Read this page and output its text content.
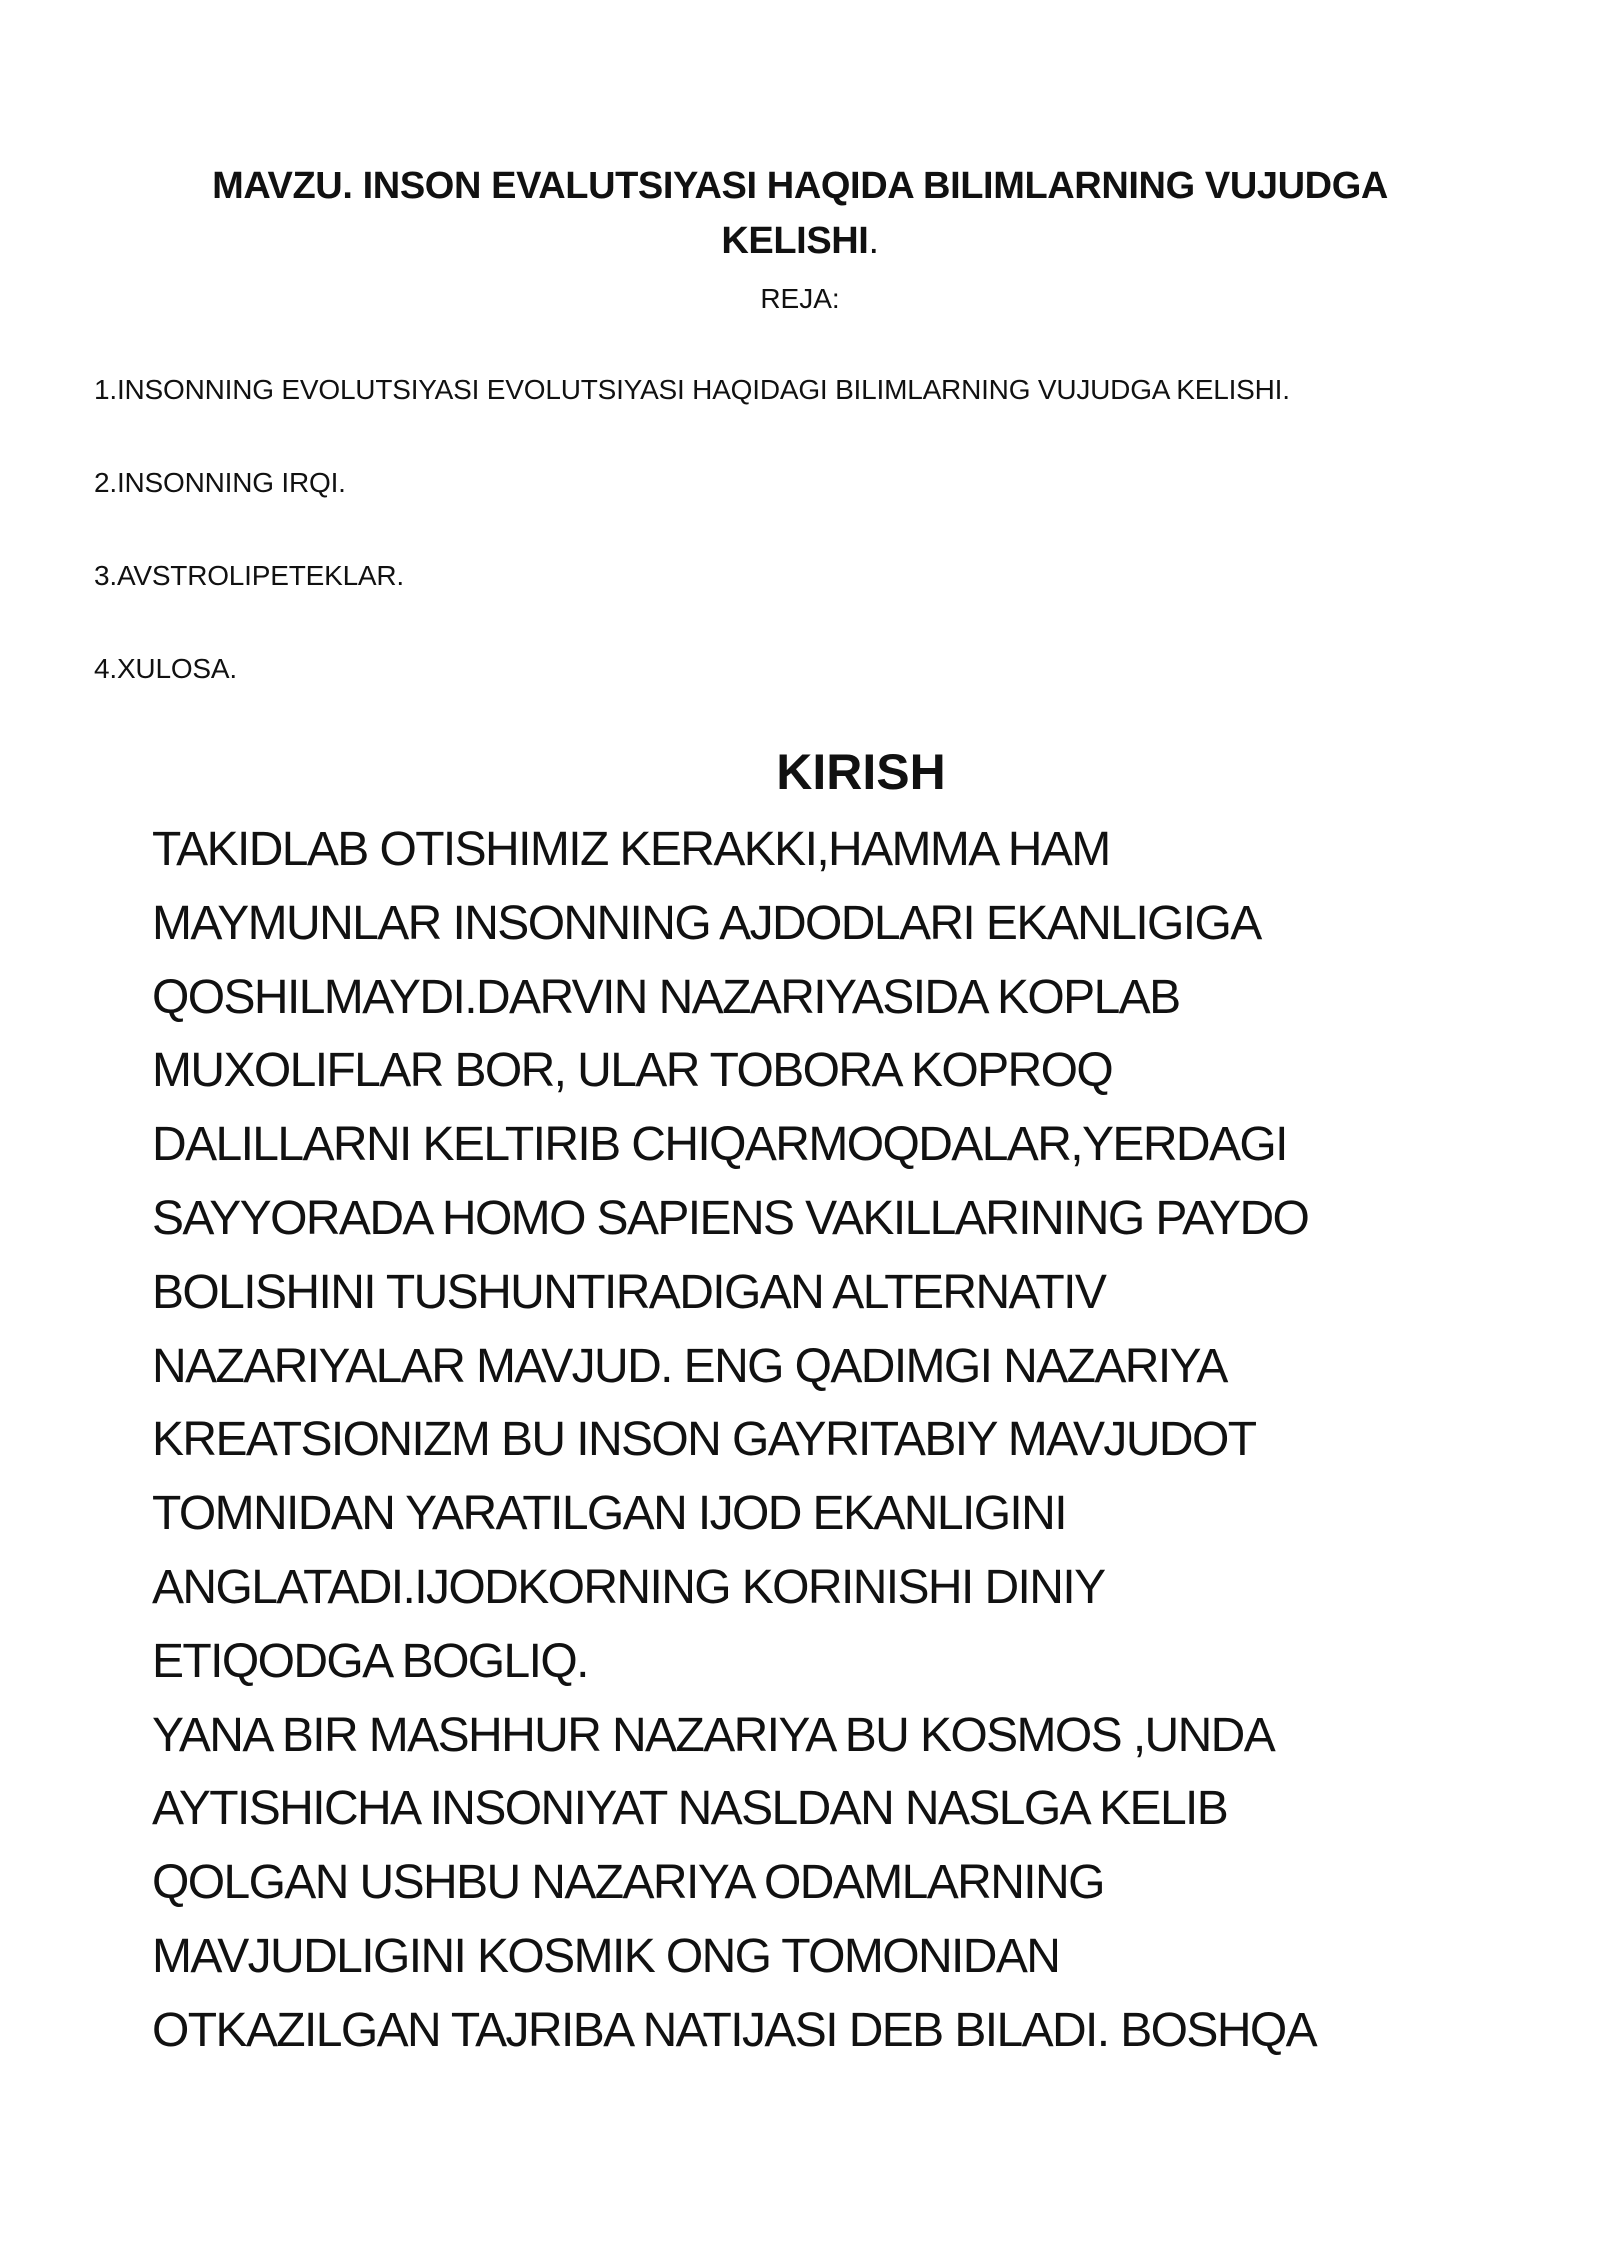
MAVZU. INSON EVALUTSIYASI HAQIDA BILIMLARNING VUJUDGA
KELISHI.

REJA:

1.INSONNING EVOLUTSIYASI EVOLUTSIYASI HAQIDAGI BILIMLARNING VUJUDGA KELISHI.
2.INSONNING IRQI.
3.AVSTROLIPETEKLAR.
4.XULOSA.
KIRISH
TAKIDLAB OTISHIMIZ KERAKKI,HAMMA HAM
MAYMUNLAR INSONNING AJDODLARI EKANLIGIGA
QOSHILMAYDI.DARVIN NAZARIYASIDA KOPLAB
MUXOLIFLAR BOR, ULAR TOBORA KOPROQ
DALILLARNI KELTIRIB CHIQARMOQDALAR,YERDAGI
SAYYORADA HOMO SAPIENS VAKILLARINING PAYDO
BOLISHINI TUSHUNTIRADIGAN ALTERNATIV
NAZARIYALAR MAVJUD. ENG QADIMGI NAZARIYA
KREATSIONIZM BU INSON GAYRITABIY MAVJUDOT
TOMNIDAN YARATILGAN IJOD EKANLIGINI
ANGLATADI.IJODKORNING KORINISHI DINIY
ETIQODGA BOGLIQ.
YANA BIR MASHHUR NAZARIYA BU KOSMOS ,UNDA
AYTISHICHA INSONIYAT NASLDAN NASLGA KELIB
QOLGAN USHBU NAZARIYA ODAMLARNING
MAVJUDLIGINI KOSMIK ONG TOMONIDAN
OTKAZILGAN TAJRIBA NATIJASI DEB BILADI. BOSHQA
